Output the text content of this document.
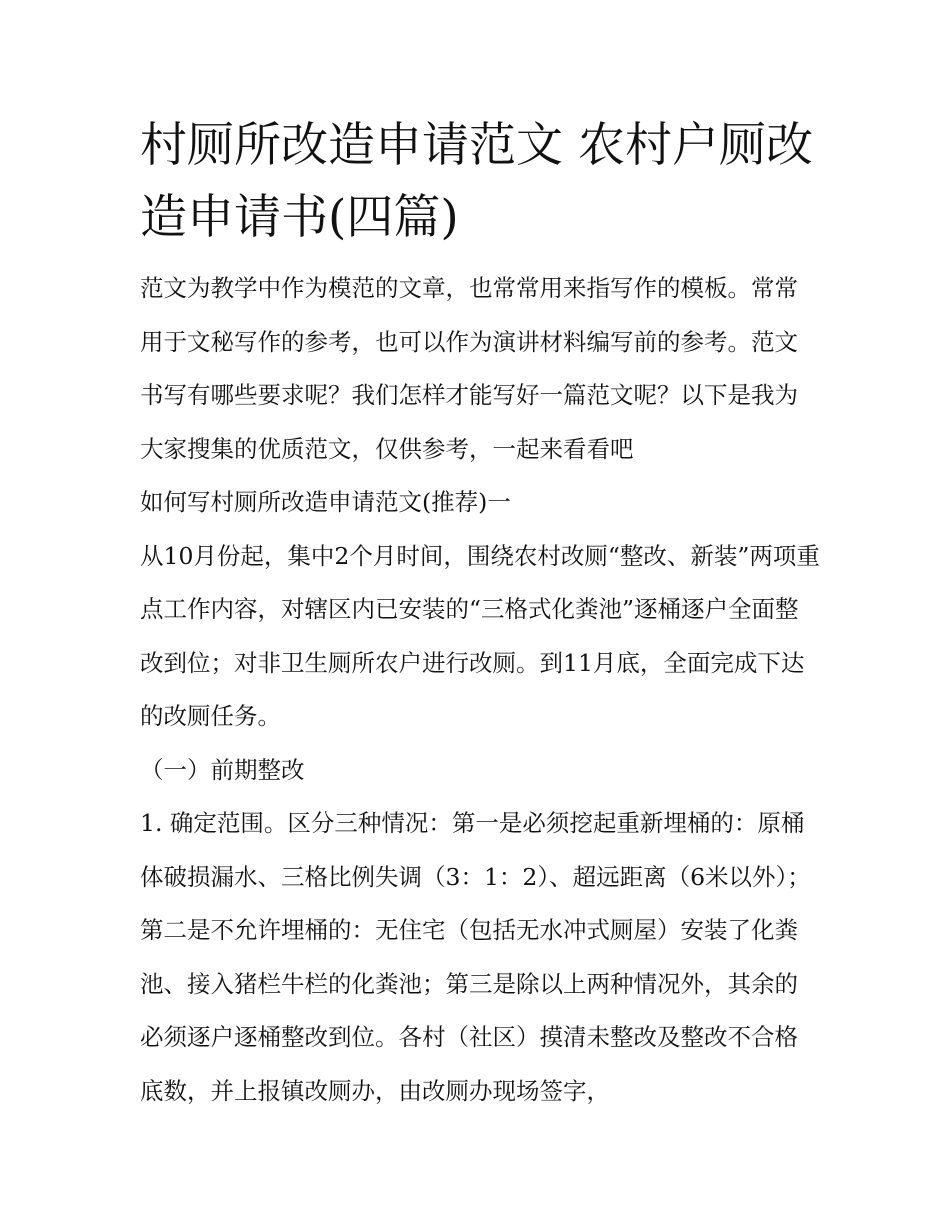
村厕所改造申请范文 农村户厕改造申请书(四篇)

范文为教学中作为模范的文章，也常常用来指写作的模板。常常用于文秘写作的参考，也可以作为演讲材料编写前的参考。范文书写有哪些要求呢？我们怎样才能写好一篇范文呢？以下是我为大家搜集的优质范文，仅供参考，一起来看看吧

如何写村厕所改造申请范文(推荐)一

从10月份起，集中2个月时间，围绕农村改厕“整改、新装”两项重点工作内容，对辖区内已安装的“三格式化粪池”逐桶逐户全面整改到位；对非卫生厕所农户进行改厕。到11月底，全面完成下达的改厕任务。

（一）前期整改

1. 确定范围。区分三种情况：第一是必须挖起重新埋桶的：原桶体破损漏水、三格比例失调（3：1：2）、超远距离（6米以外）；第二是不允许埋桶的：无住宅（包括无水冲式厕屋）安装了化粪池、接入猪栏牛栏的化粪池；第三是除以上两种情况外，其余的必须逐户逐桶整改到位。各村（社区）摸清未整改及整改不合格底数，并上报镇改厕办，由改厕办现场签字，
